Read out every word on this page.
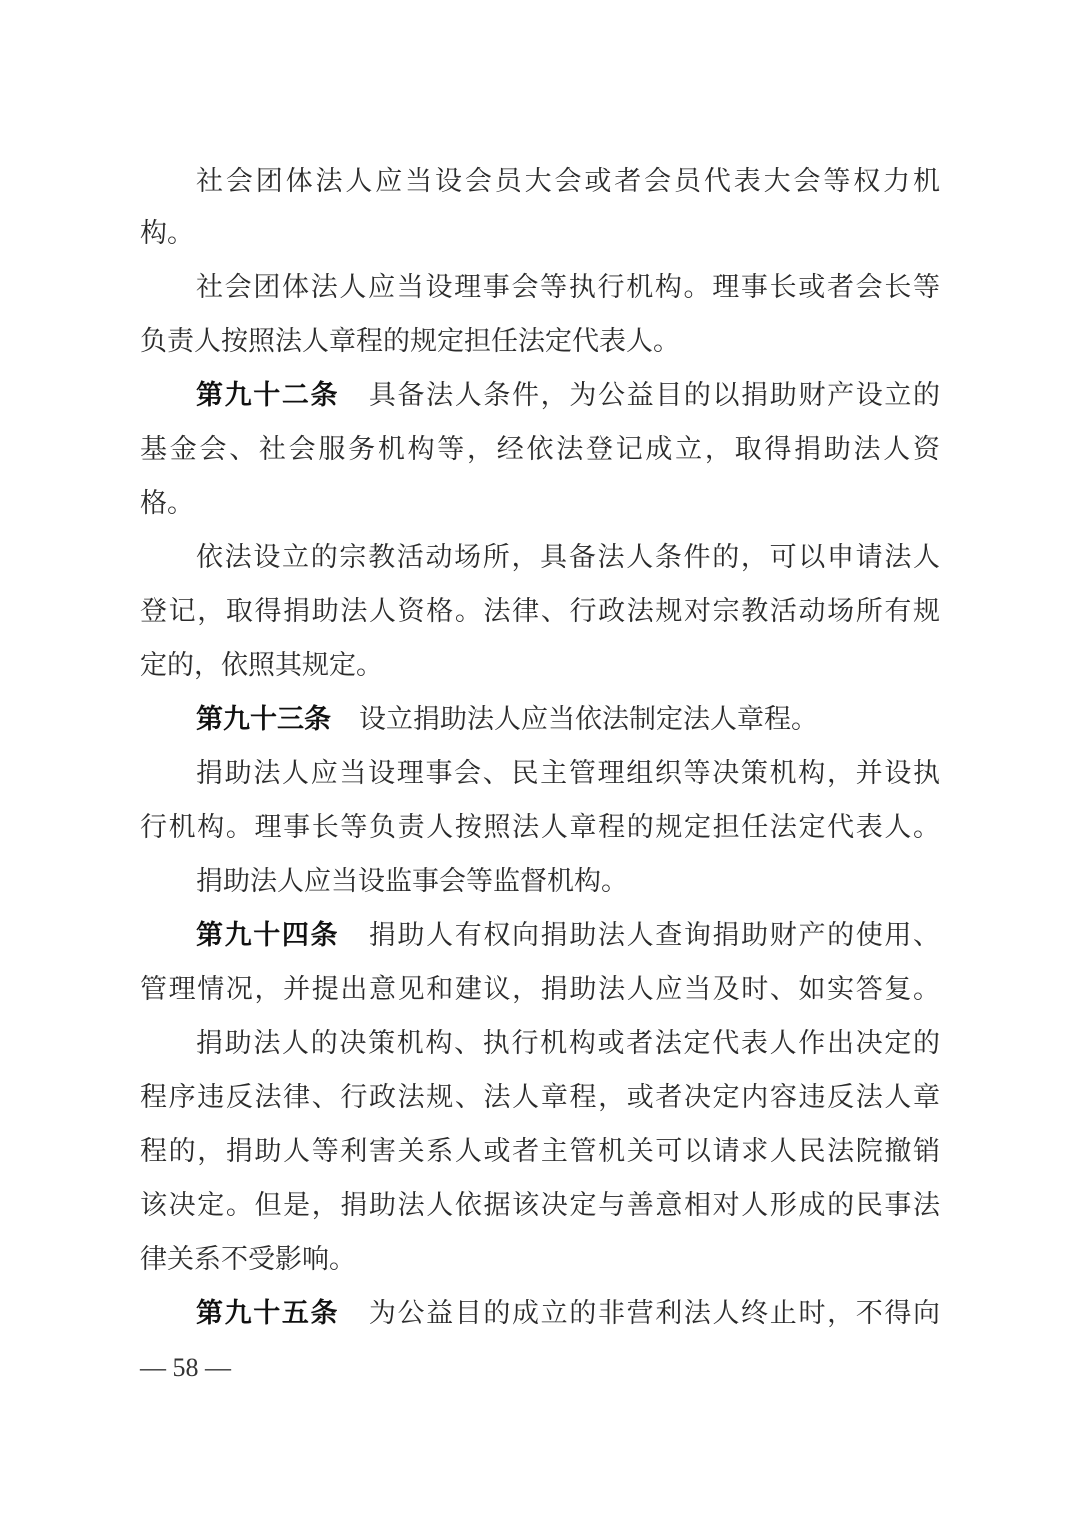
社会团体法人应当设会员大会或者会员代表大会等权力机
构。
社会团体法人应当设理事会等执行机构。理事长或者会长等
负责人按照法人章程的规定担任法定代表人。
第九十二条 具备法人条件，为公益目的以捐助财产设立的
基金会、社会服务机构等，经依法登记成立，取得捐助法人资
格。
依法设立的宗教活动场所，具备法人条件的，可以申请法人
登记，取得捐助法人资格。法律、行政法规对宗教活动场所有规
定的，依照其规定。
第九十三条 设立捐助法人应当依法制定法人章程。
捐助法人应当设理事会、民主管理组织等决策机构，并设执
行机构。理事长等负责人按照法人章程的规定担任法定代表人。
捐助法人应当设监事会等监督机构。
第九十四条 捐助人有权向捐助法人查询捐助财产的使用、
管理情况，并提出意见和建议，捐助法人应当及时、如实答复。
捐助法人的决策机构、执行机构或者法定代表人作出决定的
程序违反法律、行政法规、法人章程，或者决定内容违反法人章
程的，捐助人等利害关系人或者主管机关可以请求人民法院撤销
该决定。但是，捐助法人依据该决定与善意相对人形成的民事法
律关系不受影响。
第九十五条 为公益目的成立的非营利法人终止时，不得向
— 58 —
